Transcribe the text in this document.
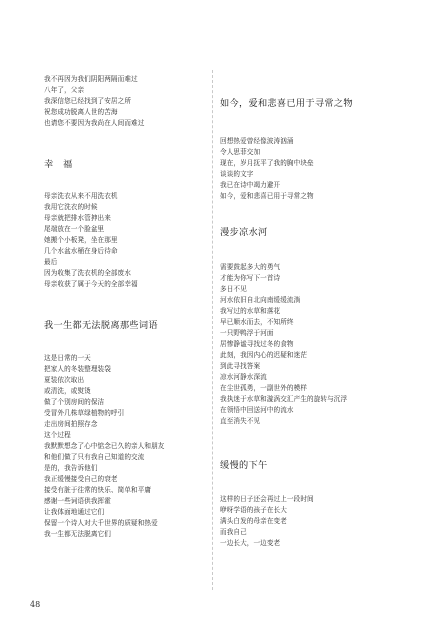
我不再因为我们阴阳两隔而难过
八年了，父亲
我深信您已经找到了安居之所
祝您成功脱离人世的苦海
也请您不要因为我尚在人间而难过
幸　福
母亲洗衣从来不用洗衣机
我用它洗衣的时候
母亲就把排水管抻出来
尾端放在一个脸盆里
她搬个小板凳，坐在那里
几个水盆水桶在身后待命
最后
因为收集了洗衣机的全部废水
母亲收获了属于今天的全部幸福
我一生都无法脱离那些词语
这是日常的一天
把家人的冬装整理装袋
夏装依次取出
或清洗，或熨烫
做了个别房间的保洁
受冒外几株草绿植物的呼引
走出房间拍照存念
这个过程
我默默想念了心中惦念已久的亲人和朋友
和他们做了只有我自己知道的交流
是的，我告诉他们
我正缓慢接受自己的衰老
接受有脏于往常的快乐、简单和平庸
感谢一些词语供我挥霍
让我体面地通过它们
保留一个诗人对大千世界的质疑和热爱
我一生都无法脱离它们
如今，爱和悲喜已用于寻常之物
回想热爱曾经像波涛汹涌
令人思菲交加
现在，岁月抚平了我的胸中块垒
谈谈的文字
我已在诗中竭力避开
如今，爱和悲喜已用于寻常之物
漫步凉水河
需要鼓起多大的勇气
才能为你写下一首诗
多日不见
河水依旧自北向南缓缓流淌
我写过的水草和落花
早已顺水而去，不知所终
一只野鸭浮于河面
居惨静谧寻找过冬的食物
此刻，我因内心的迟疑和迷茫
到此寻找答案
凉水河静水深流
在尘世孤勇，一副世外的模样
我执迷于水草和漩涡交汇产生的旋转与沉浮
在领悟中回送河中的流水
直至消失不见
缓慢的下午
这样的日子还会再过上一段时间
咿呀学语的孩子在长大
满头白发的母亲在变老
而我自己
一边长大，一边变老
48
